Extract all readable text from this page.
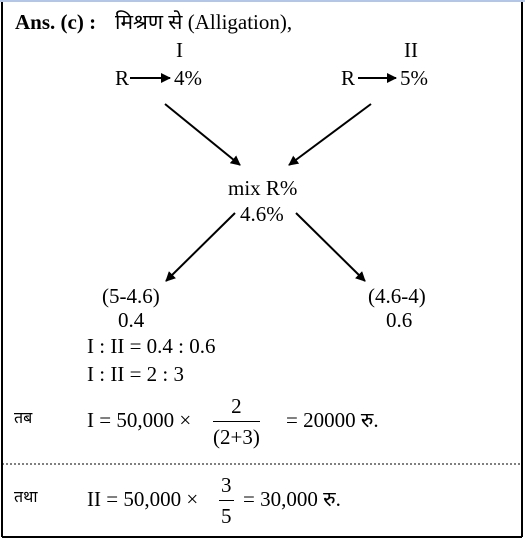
Ans. (c) : मिश्रण से (Alligation),
I	II
R 4%	R 5%
mix R%
4.6%
(5-4.6)
0.4
(4.6-4)
0.6
I : II = 0.4 : 0.6
I : II = 2 : 3
तब	I = 50,000 ×
2
(2+3)
= 20000 रु.
तथा II = 50,000 ×
3
5
= 30,000 रु.
